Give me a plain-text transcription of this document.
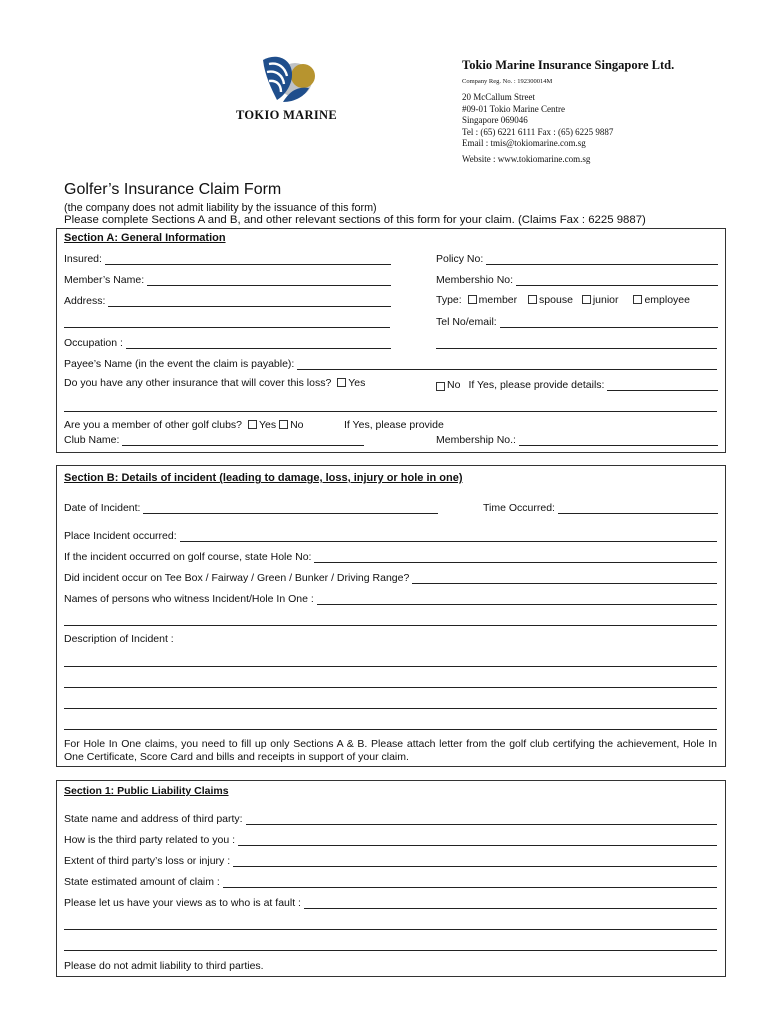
TOKIO MARINE
Tokio Marine Insurance Singapore Ltd.
Company Reg. No. : 192300014M
20 McCallum Street
#09-01 Tokio Marine Centre
Singapore 069046
Tel : (65) 6221 6111 Fax : (65) 6225 9887
Email : tmis@tokiomarine.com.sg
Website : www.tokiomarine.com.sg
Golfer’s Insurance Claim Form
(the company does not admit liability by the issuance of this form)
Please complete Sections A and B, and other relevant sections of this form for your claim. (Claims Fax : 6225 9887)
Section A: General Information
Insured:	Policy No:
Member’s Name:	Membershio No:
Address:	Type: member spouse junior employee
Tel No/email:
Occupation :
Payee’s Name (in the event the claim is payable):
Do you have any other insurance that will cover this loss? Yes	No If Yes, please provide details:
Are you a member of other golf clubs? Yes No	If Yes, please provide
Club Name:	Membership No.:
Section B: Details of incident (leading to damage, loss, injury or hole in one)
Date of Incident:	Time Occurred:
Place Incident occurred:
If the incident occurred on golf course, state Hole No:
Did incident occur on Tee Box / Fairway / Green / Bunker / Driving Range?
Names of persons who witness Incident/Hole In One :
Description of Incident :
For Hole In One claims, you need to fill up only Sections A & B. Please attach letter from the golf club certifying the achievement, Hole In One Certificate, Score Card and bills and receipts in support of your claim.
Section 1: Public Liability Claims
State name and address of third party:
How is the third party related to you :
Extent of third party’s loss or injury :
State estimated amount of claim :
Please let us have your views as to who is at fault :
Please do not admit liability to third parties.
